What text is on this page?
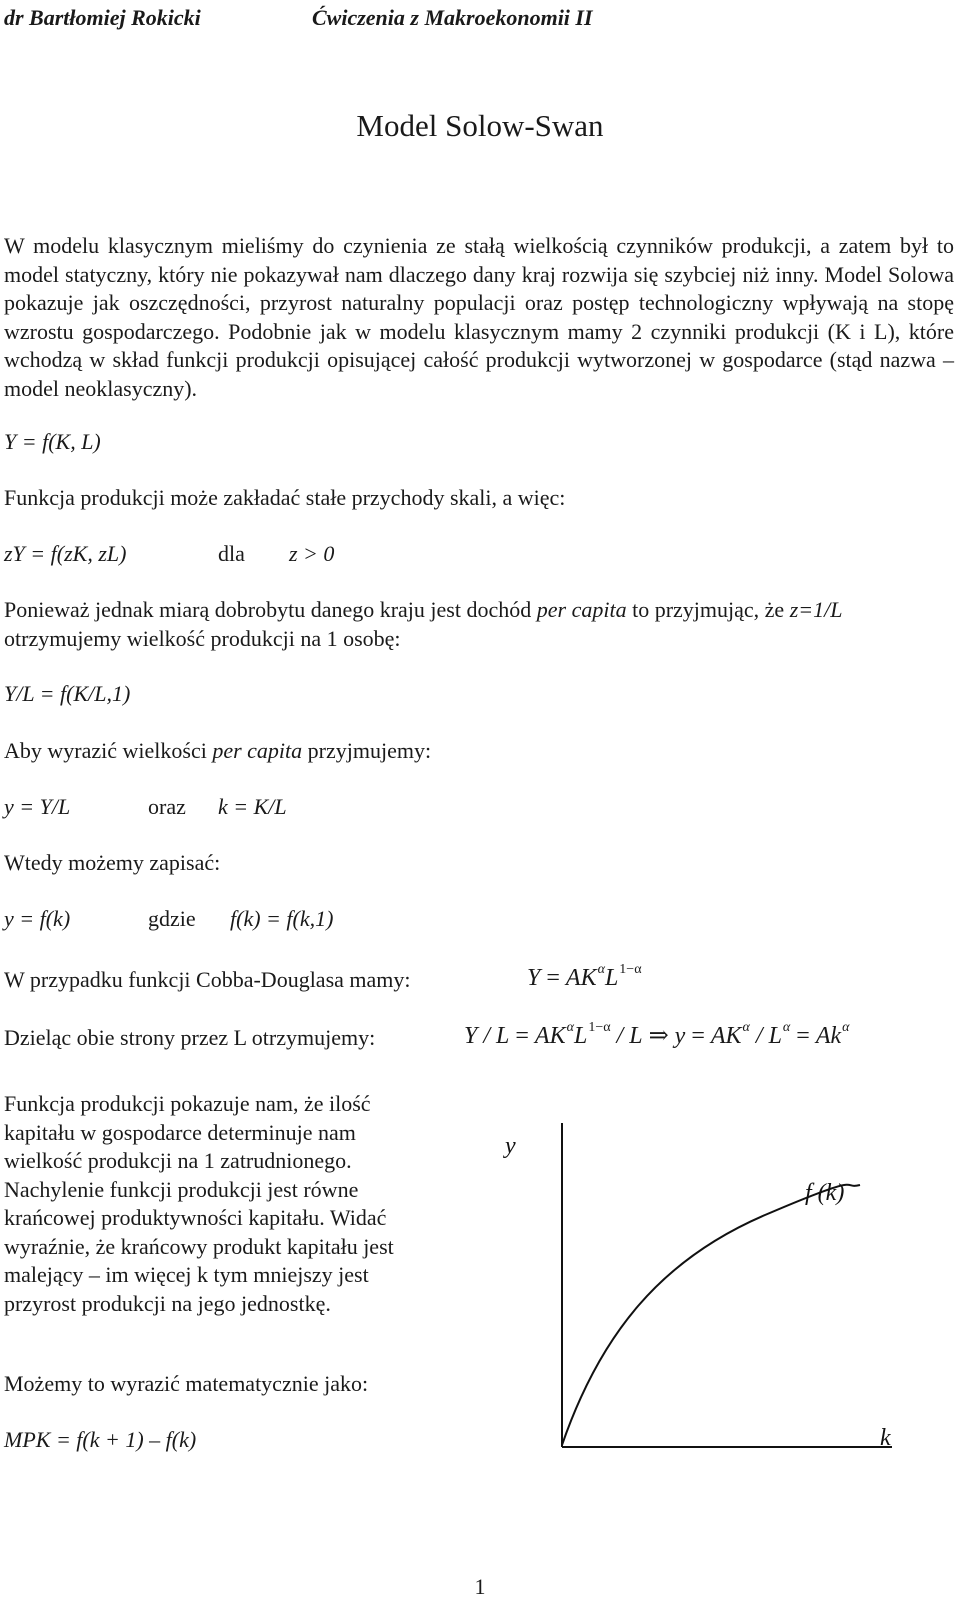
dr Bartłomiej Rokicki	Ćwiczenia z Makroekonomii II
Model Solow-Swan

W modelu klasycznym mieliśmy do czynienia ze stałą wielkością czynników produkcji, a zatem był to model statyczny, który nie pokazywał nam dlaczego dany kraj rozwija się szybciej niż inny. Model Solowa pokazuje jak oszczędności, przyrost naturalny populacji oraz postęp technologiczny wpływają na stopę wzrostu gospodarczego. Podobnie jak w modelu klasycznym mamy 2 czynniki produkcji (K i L), które wchodzą w skład funkcji produkcji opisującej całość produkcji wytworzonej w gospodarce (stąd nazwa – model neoklasyczny).

Y = f(K, L)
Funkcja produkcji może zakładać stałe przychody skali, a więc:
zY = f(zK, zL)	dla z > 0

Ponieważ jednak miarą dobrobytu danego kraju jest dochód per capita to przyjmując, że z=1/L otrzymujemy wielkość produkcji na 1 osobę:

Y/L = f(K/L,1)
Aby wyrazić wielkości per capita przyjmujemy:
y = Y/L	oraz k = K/L
Wtedy możemy zapisać:
y = f(k)	gdzie f(k) = f(k,1)
W przypadku funkcji Cobba-Douglasa mamy:	$Y = AK^\alpha L^{1-\alpha}$
Dzieląc obie strony przez L otrzymujemy:	$Y / L = AK^\alpha L^{1-\alpha} / L$ ⇒ $y = AK^\alpha / L^\alpha = Ak^\alpha$

Funkcja produkcji pokazuje nam, że ilość kapitału w gospodarce determinuje nam wielkość produkcji na 1 zatrudnionego. Nachylenie funkcji produkcji jest równe krańcowej produktywności kapitału. Widać wyraźnie, że krańcowy produkt kapitału jest malejący – im więcej k tym mniejszy jest przyrost produkcji na jego jednostkę.

Możemy to wyrazić matematycznie jako:
MPK = f(k + 1) – f(k)
y
f (k)
k
1
